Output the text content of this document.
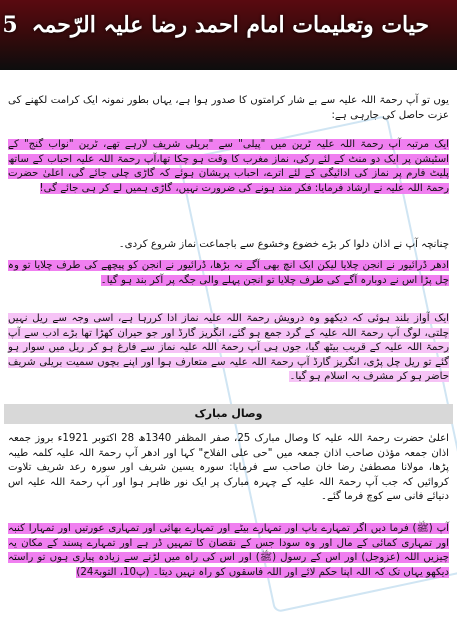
حیات وتعلیمات امام احمد رضا علیہ الرّحمہ5
یوں تو آپ رحمۃ اللہ علیہ سے بے شار کرامتوں کا صدور ہوا ہے، یہاں بطور نمونہ ایک کرامت لکھنے کی عزت حاصل کی جارہی ہے:
ایک مرتبہ آپ رحمۃ اللہ علیہ ٹرین میں "پیلی" سے "بریلی شریف لارہے تھے، ٹرین "نواب گنج" کے اسٹیشن پر ایک دو منٹ کے لئے رکی، نماز مغرب کا وقت ہو چکا تھا،آپ رحمۃ اللہ علیہ احباب کے ساتھ پلیٹ فارم پر نماز کی ادائیگی کے لئے اترے، احباب پریشان ہوئے کہ گاڑی چلی جائے گی، اعلیٰ حضرت رحمۃ اللہ علیہ نے ارشاد فرمایا: فکر مند ہونے کی ضرورت نہیں، گاڑی ہمیں لے کر ہی جائے گی!
چنانچہ آپ نے اذان دلوا کر بڑے خضوع وخشوع سے باجماعت نماز شروع کردی۔
ادھر ڈرائیور نے انجن چلایا لیکن ایک انچ بھی آگے نہ بڑھا، ڈرائیور نے انجن کو پیچھے کی طرف چلایا تو وہ چل پڑا اس نے دوبارہ آگے کی طرف چلایا تو انجن پہلے والی جگہ پر آکر بند ہو گیا۔
ایک آواز بلند ہوئی کہ دیکھو وہ درویش رحمۃ اللہ علیہ نماز ادا کررہا ہے، اسی وجہ سے ریل نہیں چلتی، لوگ آپ رحمۃ اللہ علیہ کے گرد جمع ہو گئے، انگریز گارڈ اور جو حیران کھڑا تھا بڑے ادب سے آپ رحمۃ اللہ علیہ کے قریب بیٹھ گیا، جوں ہی آپ رحمۃ اللہ علیہ نماز سے فارغ ہو کر ریل میں سوار ہو گئے تو ریل چل پڑی، انگریز گارڈ آپ رحمۃ اللہ علیہ سے متعارف ہوا اور اپنے بچوں سمیت بریلی شریف حاضر ہو کر مشرف بہ اسلام ہو گیا۔
وصال مبارک
اعلیٰ حضرت رحمۃ اللہ علیہ کا وصال مبارک 25، صفر المظفر 1340ھ 28 اکتوبر 1921ء بروز جمعہ اذان جمعہ مؤذن صاحب اذان جمعہ میں "حی علی الفلاح" کہا اور ادھر آپ رحمۃ اللہ علیہ کلمہ طیبہ پڑھا، مولانا مصطفیٰ رضا خان صاحب سے فرمایا: سورہ یسین شریف اور سورہ رعد شریف تلاوت کروائیں کہ جب آپ رحمۃ اللہ علیہ کے چہرہ مبارک پر ایک نور ظاہر ہوا اور آپ رحمۃ اللہ علیہ اس دنیائے فانی سے کوچ فرما گئے۔
آپ (ﷺ) فرما دیں اگر تمہارے باپ اور تمہارے بیٹے اور تمہارے بھائی اور تمہاری عورتیں اور تمہارا کنبہ اور تمہاری کمائی کے مال اور وہ سودا جس کے نقصان کا تمہیں ڈر ہے اور تمہارے پسند کے مکان یہ چیزیں اللہ (عزوجل) اور اس کے رسول (ﷺ) اور اس کی راہ میں لڑنے سے زیادہ پیاری ہوں تو راستہ دیکھو یہاں تک کہ اللہ اپنا حکم لائے اور اللہ فاسقوں کو راہ نہیں دیتا۔ (پ10، التوبۃ24)
